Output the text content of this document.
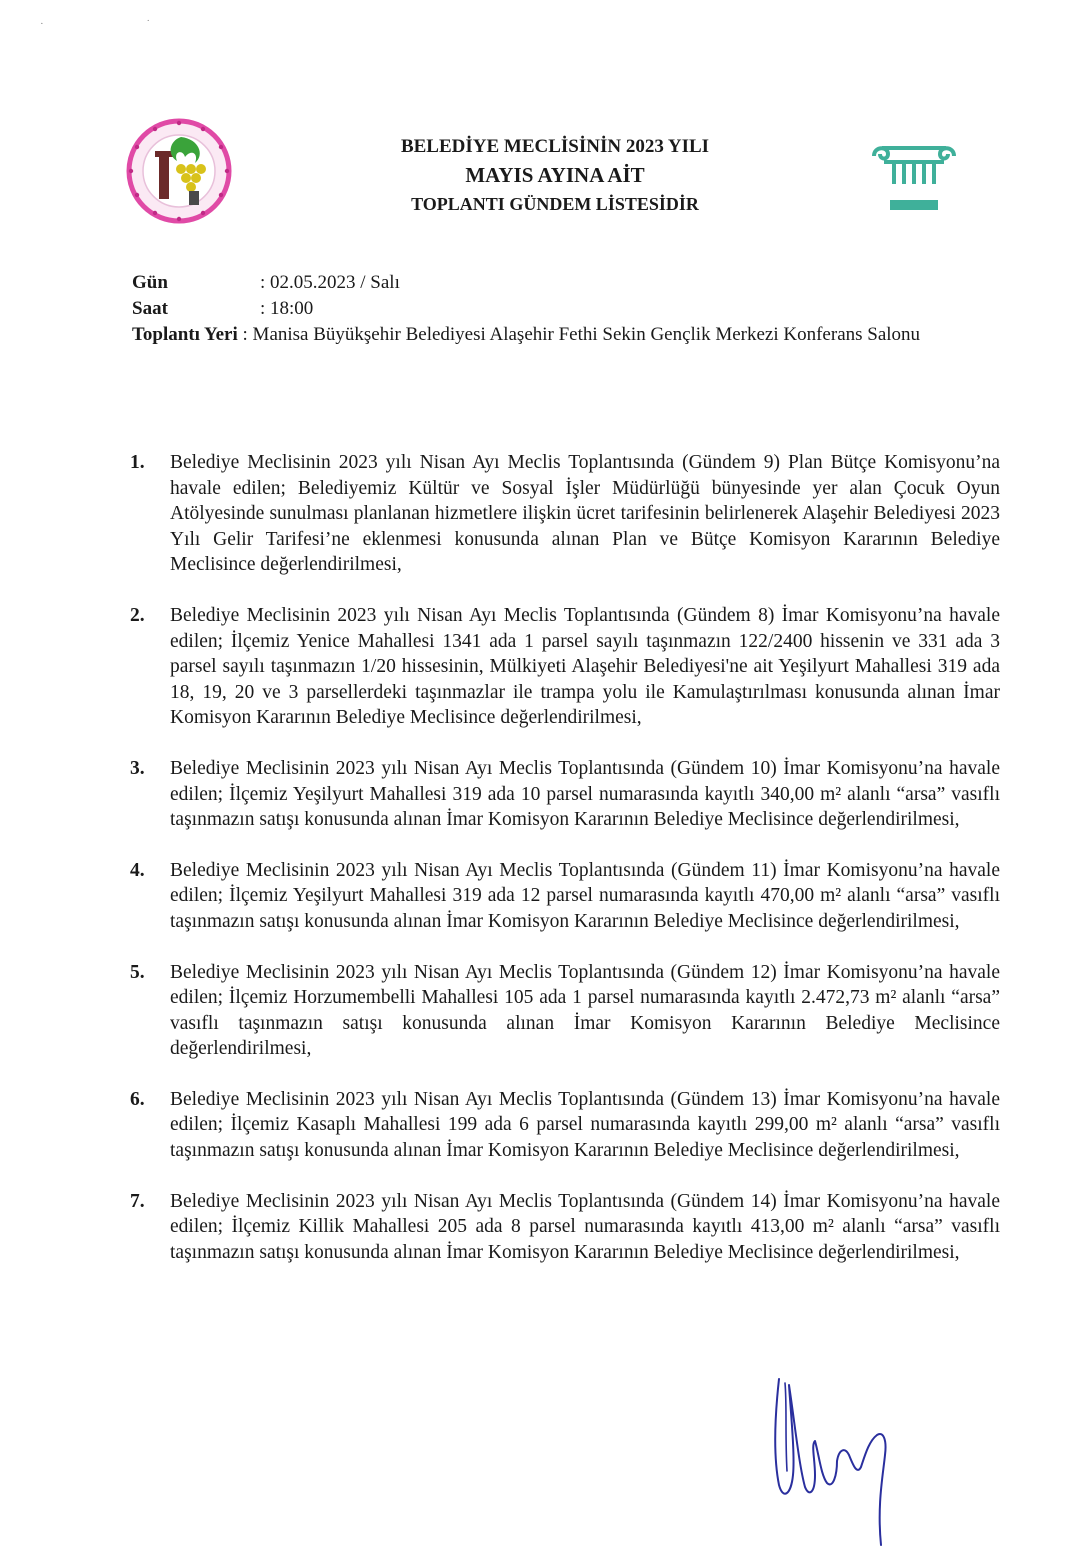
· ˙
BELEDİYE MECLİSİNİN 2023 YILI
MAYIS AYINA AİT
TOPLANTI GÜNDEM LİSTESİDİR
Gün	: 02.05.2023 / Salı
Saat	: 18:00
Toplantı Yeri : Manisa Büyükşehir Belediyesi Alaşehir Fethi Sekin Gençlik Merkezi Konferans Salonu
1.	Belediye Meclisinin 2023 yılı Nisan Ayı Meclis Toplantısında (Gündem 9) Plan Bütçe Komisyonu’na havale edilen; Belediyemiz Kültür ve Sosyal İşler Müdürlüğü bünyesinde yer alan Çocuk Oyun Atölyesinde sunulması planlanan hizmetlere ilişkin ücret tarifesinin belirlenerek Alaşehir Belediyesi 2023 Yılı Gelir Tarifesi’ne eklenmesi konusunda alınan Plan ve Bütçe Komisyon Kararının Belediye Meclisince değerlendirilmesi,
2.	Belediye Meclisinin 2023 yılı Nisan Ayı Meclis Toplantısında (Gündem 8) İmar Komisyonu’na havale edilen; İlçemiz Yenice Mahallesi 1341 ada 1 parsel sayılı taşınmazın 122/2400 hissenin ve 331 ada 3 parsel sayılı taşınmazın 1/20 hissesinin, Mülkiyeti Alaşehir Belediyesi'ne ait Yeşilyurt Mahallesi 319 ada 18, 19, 20 ve 3 parsellerdeki taşınmazlar ile trampa yolu ile Kamulaştırılması konusunda alınan İmar Komisyon Kararının Belediye Meclisince değerlendirilmesi,
3.	Belediye Meclisinin 2023 yılı Nisan Ayı Meclis Toplantısında (Gündem 10) İmar Komisyonu’na havale edilen; İlçemiz Yeşilyurt Mahallesi 319 ada 10 parsel numarasında kayıtlı 340,00 m² alanlı “arsa” vasıflı taşınmazın satışı konusunda alınan İmar Komisyon Kararının Belediye Meclisince değerlendirilmesi,
4.	Belediye Meclisinin 2023 yılı Nisan Ayı Meclis Toplantısında (Gündem 11) İmar Komisyonu’na havale edilen; İlçemiz Yeşilyurt Mahallesi 319 ada 12 parsel numarasında kayıtlı 470,00 m² alanlı “arsa” vasıflı taşınmazın satışı konusunda alınan İmar Komisyon Kararının Belediye Meclisince değerlendirilmesi,
5.	Belediye Meclisinin 2023 yılı Nisan Ayı Meclis Toplantısında (Gündem 12) İmar Komisyonu’na havale edilen; İlçemiz Horzumembelli Mahallesi 105 ada 1 parsel numarasında kayıtlı 2.472,73 m² alanlı “arsa” vasıflı taşınmazın satışı konusunda alınan İmar Komisyon Kararının Belediye Meclisince değerlendirilmesi,
6.	Belediye Meclisinin 2023 yılı Nisan Ayı Meclis Toplantısında (Gündem 13) İmar Komisyonu’na havale edilen; İlçemiz Kasaplı Mahallesi 199 ada 6 parsel numarasında kayıtlı 299,00 m² alanlı “arsa” vasıflı taşınmazın satışı konusunda alınan İmar Komisyon Kararının Belediye Meclisince değerlendirilmesi,
7.	Belediye Meclisinin 2023 yılı Nisan Ayı Meclis Toplantısında (Gündem 14) İmar Komisyonu’na havale edilen; İlçemiz Killik Mahallesi 205 ada 8 parsel numarasında kayıtlı 413,00 m² alanlı “arsa” vasıflı taşınmazın satışı konusunda alınan İmar Komisyon Kararının Belediye Meclisince değerlendirilmesi,
